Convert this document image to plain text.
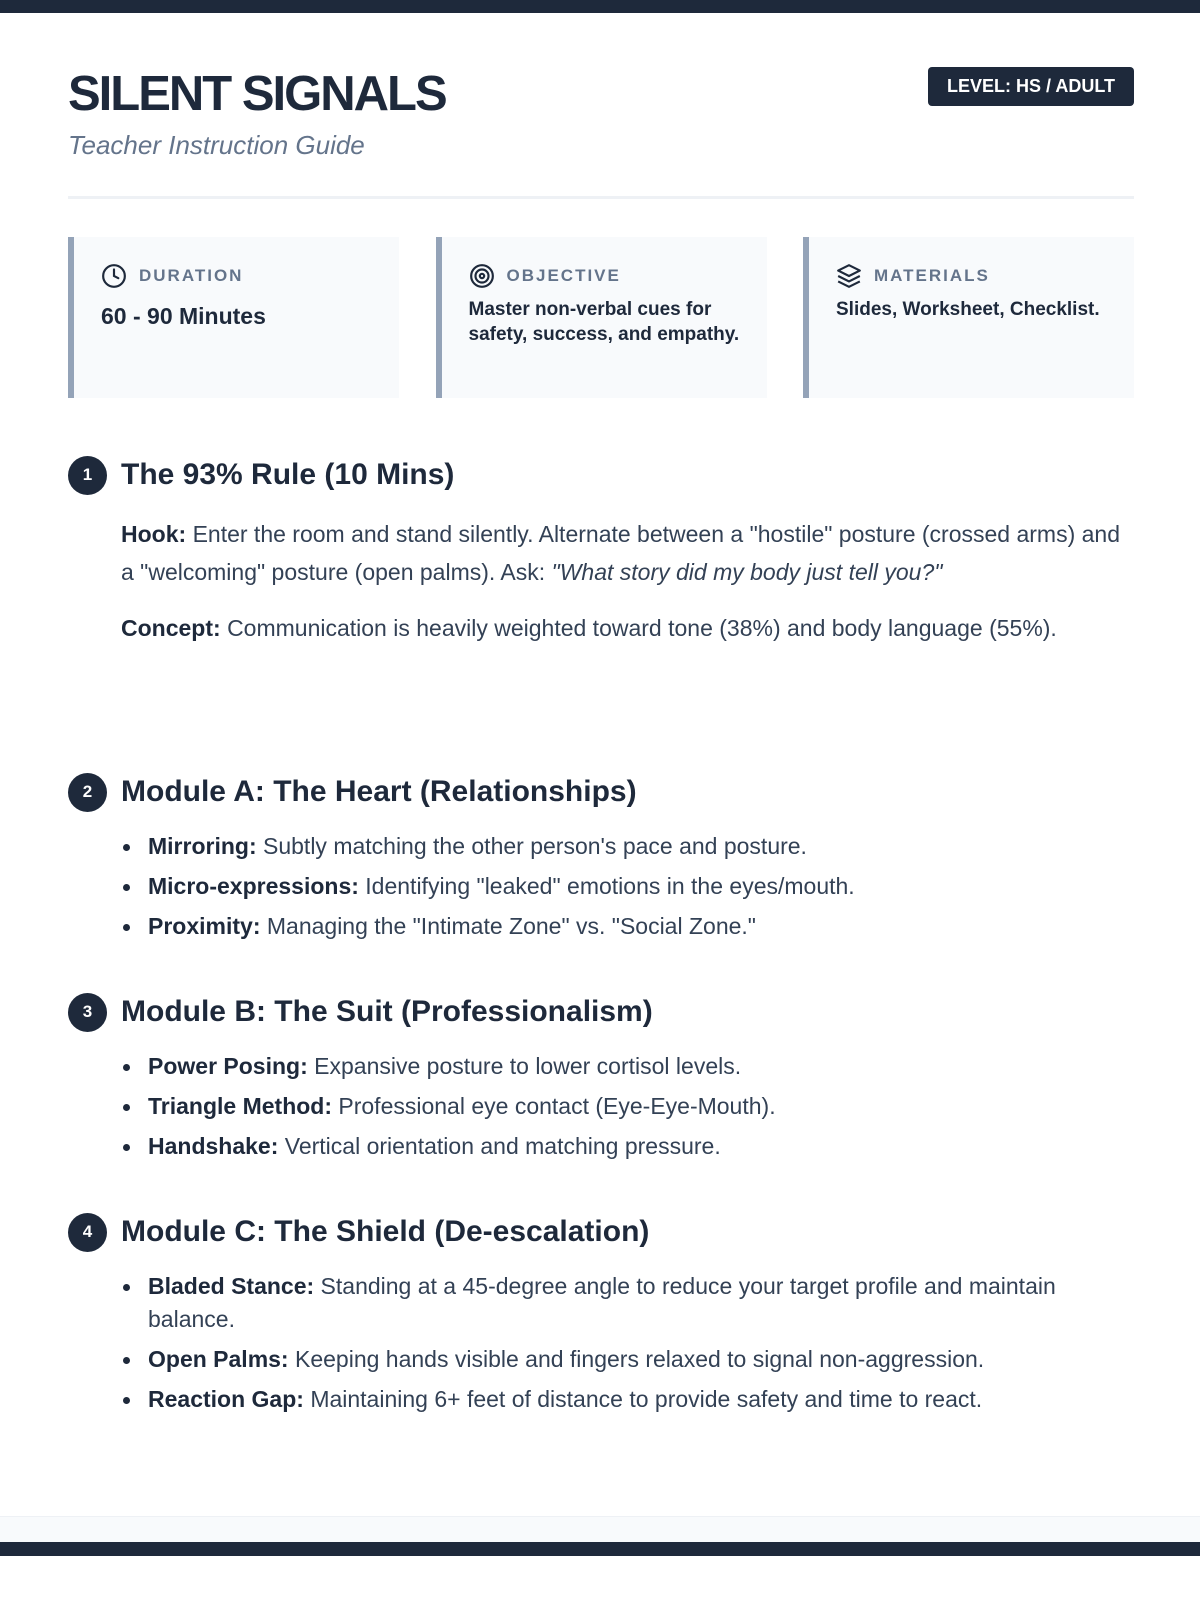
SILENT SIGNALS

Teacher Instruction Guide

LEVEL: HS / ADULT
DURATION
60 - 90 Minutes
OBJECTIVE
Master non-verbal cues for safety, success, and empathy.
MATERIALS
Slides, Worksheet, Checklist.
1 The 93% Rule (10 Mins)

Hook: Enter the room and stand silently. Alternate between a "hostile" posture (crossed arms) and a "welcoming" posture (open palms). Ask: "What story did my body just tell you?"

Concept: Communication is heavily weighted toward tone (38%) and body language (55%).

2 Module A: The Heart (Relationships)
Mirroring: Subtly matching the other person's pace and posture.
Micro-expressions: Identifying "leaked" emotions in the eyes/mouth.
Proximity: Managing the "Intimate Zone" vs. "Social Zone."
3 Module B: The Suit (Professionalism)
Power Posing: Expansive posture to lower cortisol levels.
Triangle Method: Professional eye contact (Eye-Eye-Mouth).
Handshake: Vertical orientation and matching pressure.
4 Module C: The Shield (De-escalation)
Bladed Stance: Standing at a 45-degree angle to reduce your target profile and maintain balance.
Open Palms: Keeping hands visible and fingers relaxed to signal non-aggression.
Reaction Gap: Maintaining 6+ feet of distance to provide safety and time to react.
